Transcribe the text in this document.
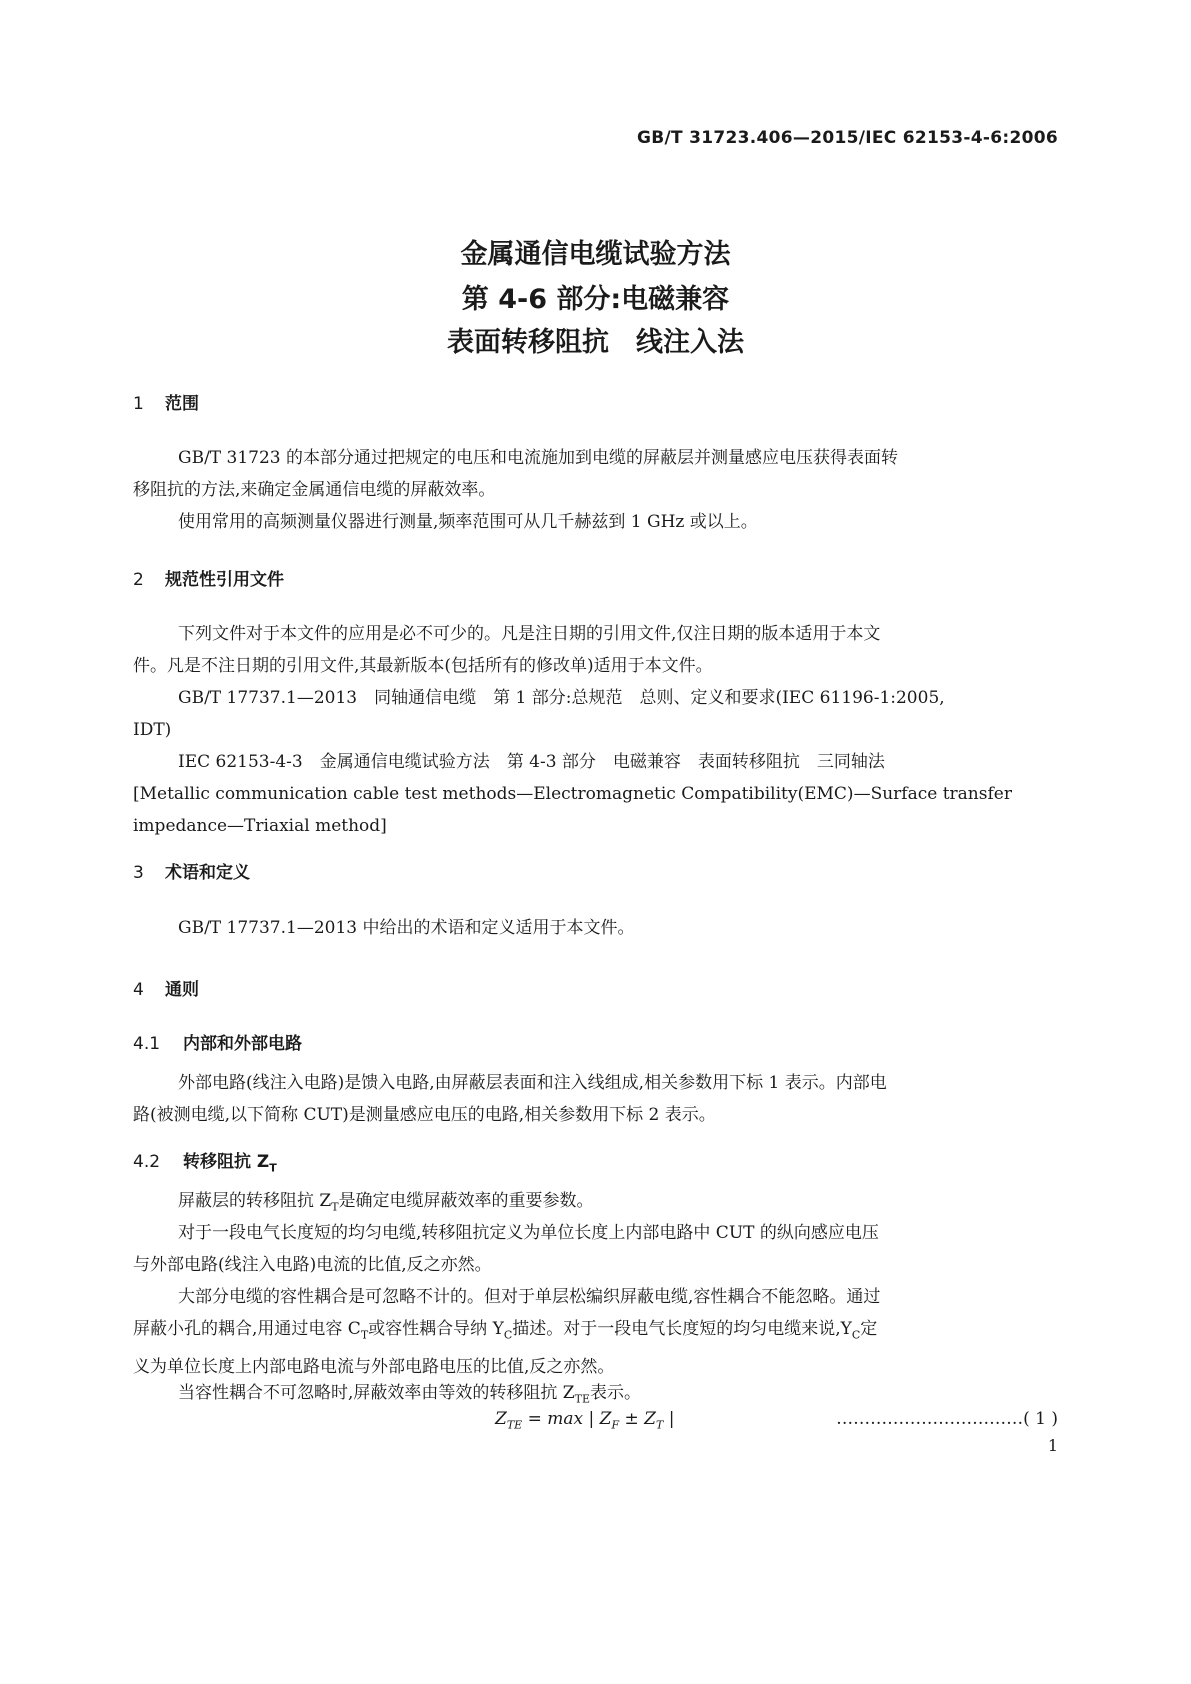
GB/T 31723.406—2015/IEC 62153-4-6:2006
金属通信电缆试验方法
第 4-6 部分:电磁兼容
表面转移阻抗　线注入法
1 范围
GB/T 31723 的本部分通过把规定的电压和电流施加到电缆的屏蔽层并测量感应电压获得表面转
移阻抗的方法,来确定金属通信电缆的屏蔽效率。
使用常用的高频测量仪器进行测量,频率范围可从几千赫兹到 1 GHz 或以上。
2 规范性引用文件
下列文件对于本文件的应用是必不可少的。凡是注日期的引用文件,仅注日期的版本适用于本文
件。凡是不注日期的引用文件,其最新版本(包括所有的修改单)适用于本文件。
GB/T 17737.1—2013　同轴通信电缆　第 1 部分:总规范　总则、定义和要求(IEC 61196-1:2005,
IDT)
IEC 62153-4-3　金属通信电缆试验方法　第 4-3 部分　电磁兼容　表面转移阻抗　三同轴法
[Metallic communication cable test methods—Electromagnetic Compatibility(EMC)—Surface transfer
impedance—Triaxial method]
3 术语和定义
GB/T 17737.1—2013 中给出的术语和定义适用于本文件。
4 通则
4.1 内部和外部电路
外部电路(线注入电路)是馈入电路,由屏蔽层表面和注入线组成,相关参数用下标 1 表示。内部电
路(被测电缆,以下简称 CUT)是测量感应电压的电路,相关参数用下标 2 表示。
4.2 转移阻抗 $Z_T$
屏蔽层的转移阻抗 $Z_T$是确定电缆屏蔽效率的重要参数。
对于一段电气长度短的均匀电缆,转移阻抗定义为单位长度上内部电路中 CUT 的纵向感应电压
与外部电路(线注入电路)电流的比值,反之亦然。
大部分电缆的容性耦合是可忽略不计的。但对于单层松编织屏蔽电缆,容性耦合不能忽略。通过
屏蔽小孔的耦合,用通过电容 $C_T$或容性耦合导纳 $Y_C$描述。对于一段电气长度短的均匀电缆来说$,Y_C$定
义为单位长度上内部电路电流与外部电路电压的比值,反之亦然。
当容性耦合不可忽略时,屏蔽效率由等效的转移阻抗 $Z_{TE}$表示。
$Z_{TE} = \max$ | $Z_F \pm Z_T$ |	……………………………( 1 )
1
